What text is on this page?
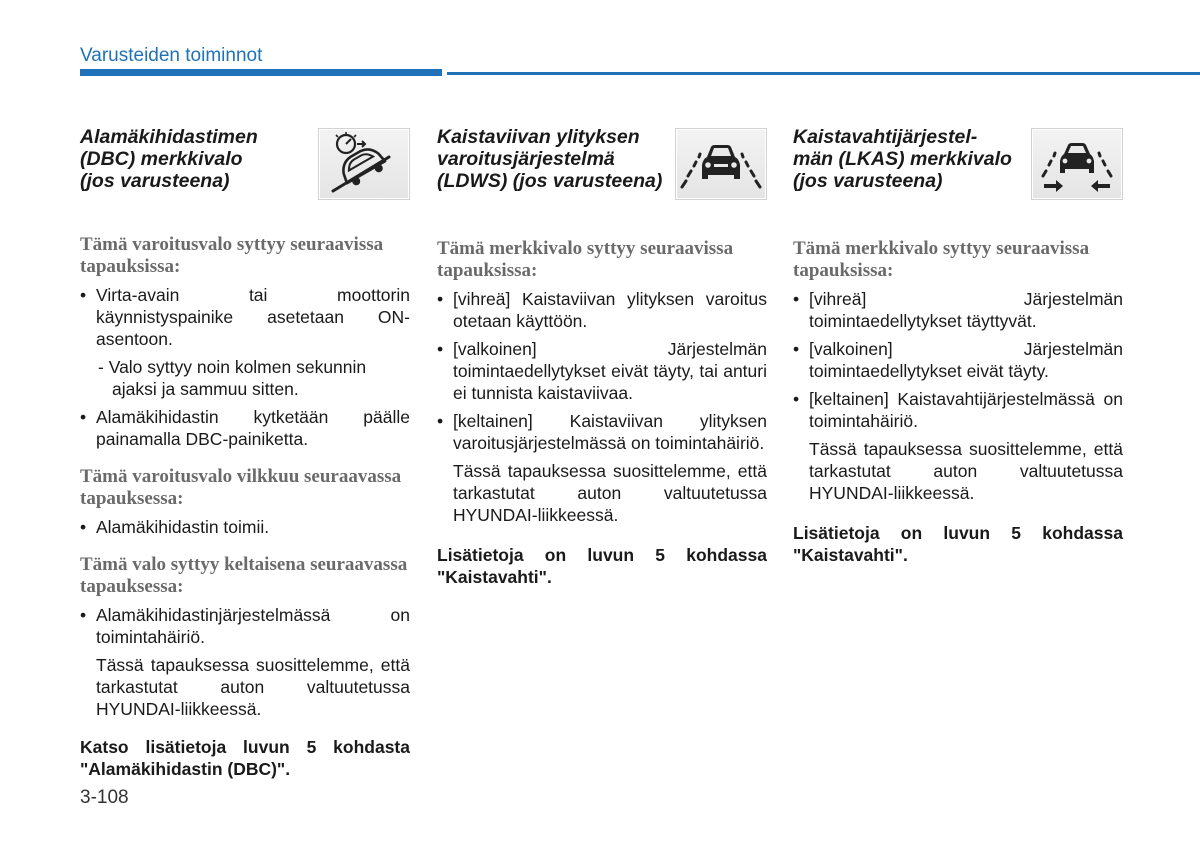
Varusteiden toiminnot
Alamäkihidastimen
(DBC) merkkivalo
(jos varusteena)

Tämä varoitusvalo syttyy seuraavissa tapauksissa:

• Virta-avain tai moottorin käynnistyspainike asetetaan ON-asentoon.
- Valo syttyy noin kolmen sekunnin ajaksi ja sammuu sitten.
• Alamäkihidastin kytketään päälle painamalla DBC-painiketta.

Tämä varoitusvalo vilkkuu seuraavassa tapauksessa:

• Alamäkihidastin toimii.

Tämä valo syttyy keltaisena seuraavassa tapauksessa:

• Alamäkihidastinjärjestelmässä on toimintahäiriö.

Tässä tapauksessa suosittelemme, että tarkastutat auton valtuutetussa HYUNDAI-liikkeessä.

Katso lisätietoja luvun 5 kohdasta "Alamäkihidastin (DBC)".

Kaistaviivan ylityksen
varoitusjärjestelmä
(LDWS) (jos varusteena)

Tämä merkkivalo syttyy seuraavissa tapauksissa:

• [vihreä] Kaistaviivan ylityksen varoitus otetaan käyttöön.
• [valkoinen] Järjestelmän toimintaedellytykset eivät täyty, tai anturi ei tunnista kaistaviivaa.
• [keltainen] Kaistaviivan ylityksen varoitusjärjestelmässä on toimintahäiriö.

Tässä tapauksessa suosittelemme, että tarkastutat auton valtuutetussa HYUNDAI-liikkeessä.

Lisätietoja on luvun 5 kohdassa "Kaistavahti".

Kaistavahtijärjestel-
män (LKAS) merkkivalo
(jos varusteena)

Tämä merkkivalo syttyy seuraavissa tapauksissa:

• [vihreä] Järjestelmän toimintaedellytykset täyttyvät.
• [valkoinen] Järjestelmän toimintaedellytykset eivät täyty.
• [keltainen] Kaistavahtijärjestelmässä on toimintahäiriö.

Tässä tapauksessa suosittelemme, että tarkastutat auton valtuutetussa HYUNDAI-liikkeessä.

Lisätietoja on luvun 5 kohdassa "Kaistavahti".

3-108
